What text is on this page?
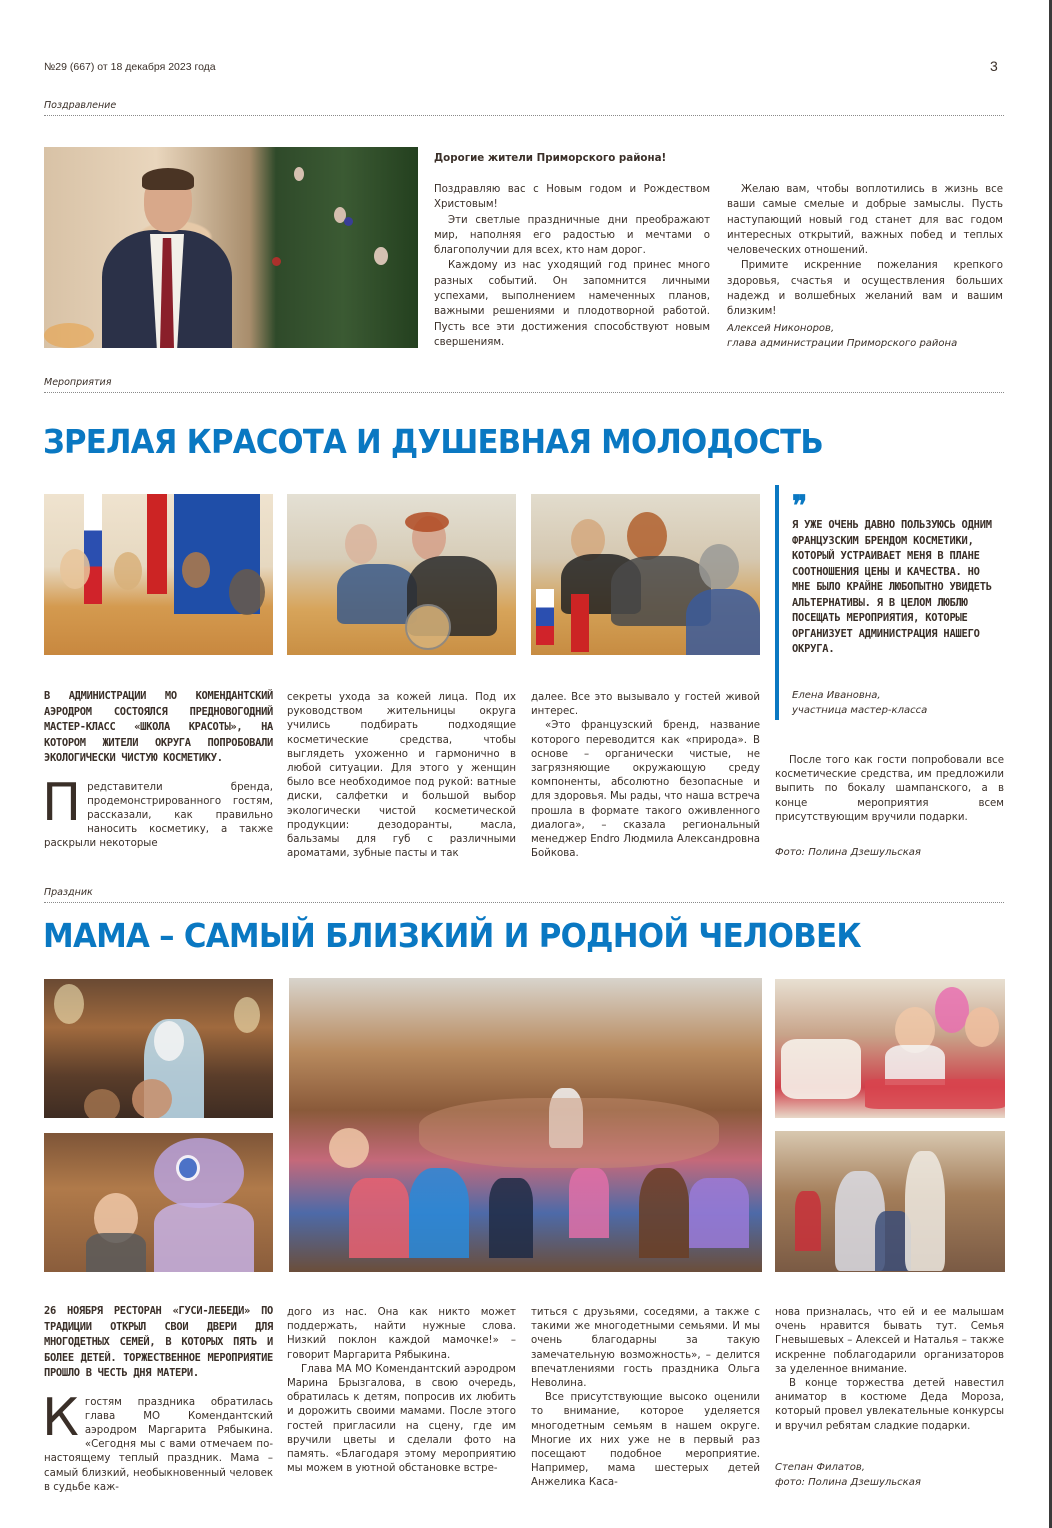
№29 (667) от 18 декабря 2023 года	3
Поздравление
Дорогие жители Приморского района!

Поздравляю вас с Новым годом и Рождеством Христовым!

Эти светлые праздничные дни преображают мир, наполняя его радостью и мечтами о благополучии для всех, кто нам дорог.

Каждому из нас уходящий год принес много разных событий. Он запомнится личными успехами, выполнением намеченных планов, важными решениями и плодотворной работой. Пусть все эти достижения способствуют новым свершениям.

Желаю вам, чтобы воплотились в жизнь все ваши самые смелые и добрые замыслы. Пусть наступающий новый год станет для вас годом интересных открытий, важных побед и теплых человеческих отношений.

Примите искренние пожелания крепкого здоровья, счастья и осуществления больших надежд и волшебных желаний вам и вашим близким!

Алексей Никоноров,
глава администрации Приморского района
Мероприятия
ЗРЕЛАЯ КРАСОТА И ДУШЕВНАЯ МОЛОДОСТЬ
❞
Я УЖЕ ОЧЕНЬ ДАВНО ПОЛЬЗУЮСЬ ОДНИМ ФРАНЦУЗСКИМ БРЕНДОМ КОСМЕТИКИ, КОТОРЫЙ УСТРАИВАЕТ МЕНЯ В ПЛАНЕ СООТНОШЕНИЯ ЦЕНЫ И КАЧЕСТВА. НО МНЕ БЫЛО КРАЙНЕ ЛЮБОПЫТНО УВИДЕТЬ АЛЬТЕРНАТИВЫ. Я В ЦЕЛОМ ЛЮБЛЮ ПОСЕЩАТЬ МЕРОПРИЯТИЯ, КОТОРЫЕ ОРГАНИЗУЕТ АДМИНИСТРАЦИЯ НАШЕГО ОКРУГА.
Елена Ивановна,
участница мастер-класса
В АДМИНИСТРАЦИИ МО КОМЕНДАНТСКИЙ АЭРОДРОМ СОСТОЯЛСЯ ПРЕДНОВОГОДНИЙ МАСТЕР-КЛАСС «ШКОЛА КРАСОТЫ», НА КОТОРОМ ЖИТЕЛИ ОКРУГА ПОПРОБОВАЛИ ЭКОЛОГИЧЕСКИ ЧИСТУЮ КОСМЕТИКУ.
П редставители бренда, продемонстрированного гостям, рассказали, как правильно наносить косметику, а также раскрыли некоторые

секреты ухода за кожей лица. Под их руководством жительницы округа учились подбирать подходящие косметические средства, чтобы выглядеть ухоженно и гармонично в любой ситуации. Для этого у женщин было все необходимое под рукой: ватные диски, салфетки и большой выбор экологически чистой косметической продукции: дезодоранты, масла, бальзамы для губ с различными ароматами, зубные пасты и так

далее. Все это вызывало у гостей живой интерес.

«Это французский бренд, название которого переводится как «природа». В основе – органически чистые, не загрязняющие окружающую среду компоненты, абсолютно безопасные и для здоровья. Мы рады, что наша встреча прошла в формате такого оживленного диалога», – сказала региональный менеджер Endro Людмила Александровна Бойкова.

После того как гости попробовали все косметические средства, им предложили выпить по бокалу шампанского, а в конце мероприятия всем присутствующим вручили подарки.

Фото: Полина Дзешульская
Праздник
МАМА – САМЫЙ БЛИЗКИЙ И РОДНОЙ ЧЕЛОВЕК
26 НОЯБРЯ РЕСТОРАН «ГУСИ-ЛЕБЕДИ» ПО ТРАДИЦИИ ОТКРЫЛ СВОИ ДВЕРИ ДЛЯ МНОГОДЕТНЫХ СЕМЕЙ, В КОТОРЫХ ПЯТЬ И БОЛЕЕ ДЕТЕЙ. ТОРЖЕСТВЕННОЕ МЕРОПРИЯТИЕ ПРОШЛО В ЧЕСТЬ ДНЯ МАТЕРИ.
К гостям праздника обратилась глава МО Комендантский аэродром Маргарита Рябыкина. «Сегодня мы с вами отмечаем по-настоящему теплый праздник. Мама – самый близкий, необыкновенный человек в судьбе каж-

дого из нас. Она как никто может поддержать, найти нужные слова. Низкий поклон каждой мамочке!» – говорит Маргарита Рябыкина.

Глава МА МО Комендантский аэродром Марина Брызгалова, в свою очередь, обратилась к детям, попросив их любить и дорожить своими мамами. После этого гостей пригласили на сцену, где им вручили цветы и сделали фото на память. «Благодаря этому мероприятию мы можем в уютной обстановке встре-

титься с друзьями, соседями, а также с такими же многодетными семьями. И мы очень благодарны за такую замечательную возможность», – делится впечатлениями гость праздника Ольга Неволина.

Все присутствующие высоко оценили то внимание, которое уделяется многодетным семьям в нашем округе. Многие их них уже не в первый раз посещают подобное мероприятие. Например, мама шестерых детей Анжелика Каса-

нова призналась, что ей и ее малышам очень нравится бывать тут. Семья Гневышевых – Алексей и Наталья – также искренне поблагодарили организаторов за уделенное внимание.

В конце торжества детей навестил аниматор в костюме Деда Мороза, который провел увлекательные конкурсы и вручил ребятам сладкие подарки.

Степан Филатов,
фото: Полина Дзешульская
